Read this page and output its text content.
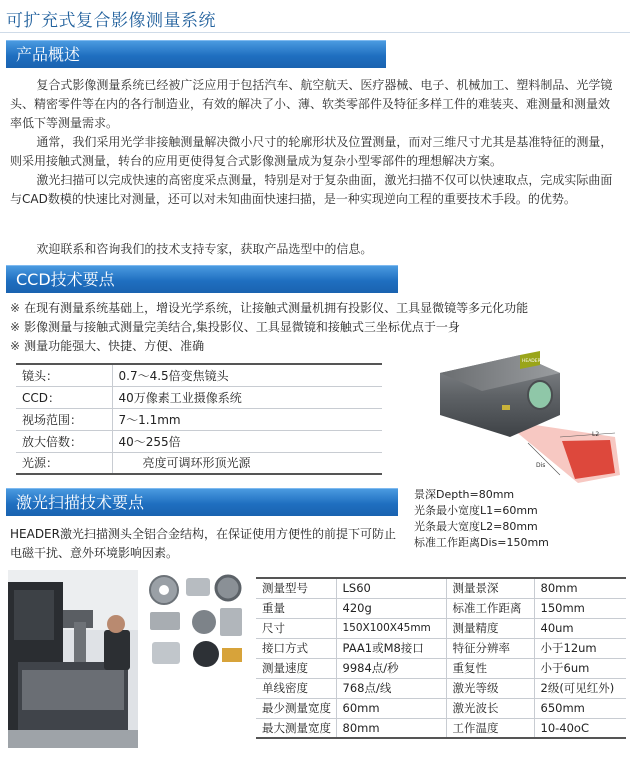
可扩充式复合影像测量系统
产品概述
复合式影像测量系统已经被广泛应用于包括汽车、航空航天、医疗器械、电子、机械加工、塑料制品、光学镜头、精密零件等在内的各行制造业，有效的解决了小、薄、软类零部件及特征多样工件的难装夹、难测量和测量效率低下等测量需求。
通常，我们采用光学非接触测量解决微小尺寸的轮廓形状及位置测量，而对三维尺寸尤其是基准特征的测量，则采用接触式测量，转台的应用更使得复合式影像测量成为复杂小型零部件的理想解决方案。
激光扫描可以完成快速的高密度采点测量，特别是对于复杂曲面，激光扫描不仅可以快速取点，完成实际曲面与CAD数模的快速比对测量，还可以对未知曲面快速扫描，是一种实现逆向工程的重要技术手段。的优势。
欢迎联系和咨询我们的技术支持专家，获取产品选型中的信息。
CCD技术要点
※ 在现有测量系统基础上，增设光学系统，让接触式测量机拥有投影仪、工具显微镜等多元化功能
※ 影像测量与接触式测量完美结合,集投影仪、工具显微镜和接触式三坐标优点于一身
※ 测量功能强大、快捷、方便、准确
镜头：	0.7～4.5倍变焦镜头
CCD：	40万像素工业摄像系统
视场范围：	7～1.1mm
放大倍数：	40～255倍
光源：	亮度可调环形顶光源
L2
Dis
HEADER
激光扫描技术要点	景深Depth=80mm
光条最小宽度L1=60mm
光条最大宽度L2=80mm
标准工作距离Dis=150mm
HEADER激光扫描测头全铝合金结构，在保证使用方便性的前提下可防止电磁干扰、意外环境影响因素。
测量型号	LS60	测量景深	80mm
重量	420g	标准工作距离	150mm
尺寸	150X100X45mm	测量精度	40um
接口方式	PAA1或M8接口	特征分辨率	小于12um
测量速度	9984点/秒	重复性	小于6um
单线密度	768点/线	激光等级	2级(可见红外)
最少测量宽度	60mm	激光波长	650mm
最大测量宽度	80mm	工作温度	10-40oC
